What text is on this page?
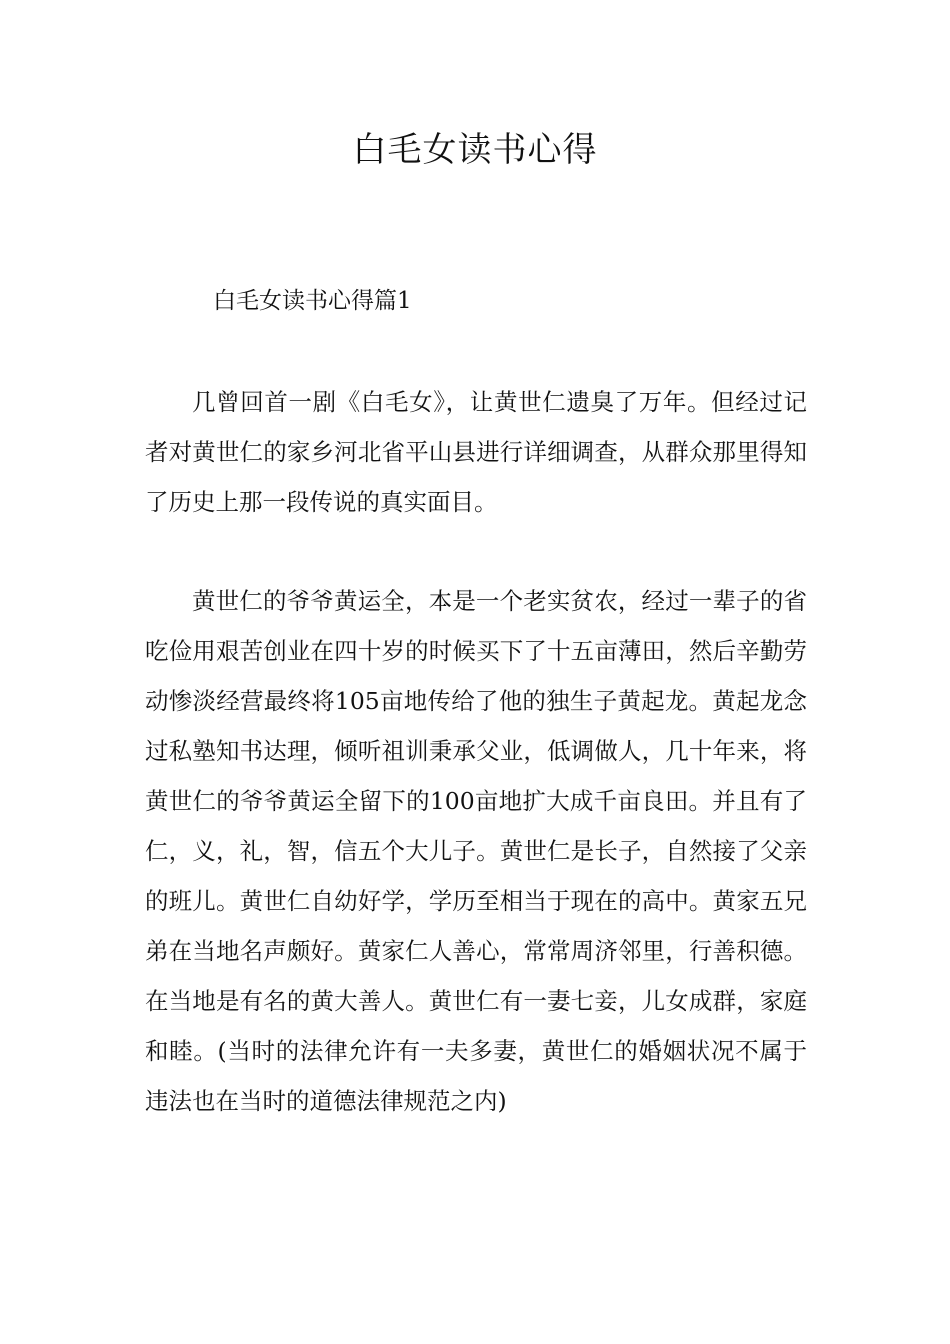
白毛女读书心得
白毛女读书心得篇1

几曾回首一剧《白毛女》，让黄世仁遗臭了万年。但经过记者对黄世仁的家乡河北省平山县进行详细调查，从群众那里得知了历史上那一段传说的真实面目。

黄世仁的爷爷黄运全，本是一个老实贫农，经过一辈子的省吃俭用艰苦创业在四十岁的时候买下了十五亩薄田，然后辛勤劳动惨淡经营最终将105亩地传给了他的独生子黄起龙。黄起龙念过私塾知书达理，倾听祖训秉承父业，低调做人，几十年来，将黄世仁的爷爷黄运全留下的100亩地扩大成千亩良田。并且有了仁，义，礼，智，信五个大儿子。黄世仁是长子，自然接了父亲的班儿。黄世仁自幼好学，学历至相当于现在的高中。黄家五兄弟在当地名声颇好。黄家仁人善心，常常周济邻里，行善积德。在当地是有名的黄大善人。黄世仁有一妻七妾，儿女成群，家庭和睦。(当时的法律允许有一夫多妻，黄世仁的婚姻状况不属于违法也在当时的道德法律规范之内)
